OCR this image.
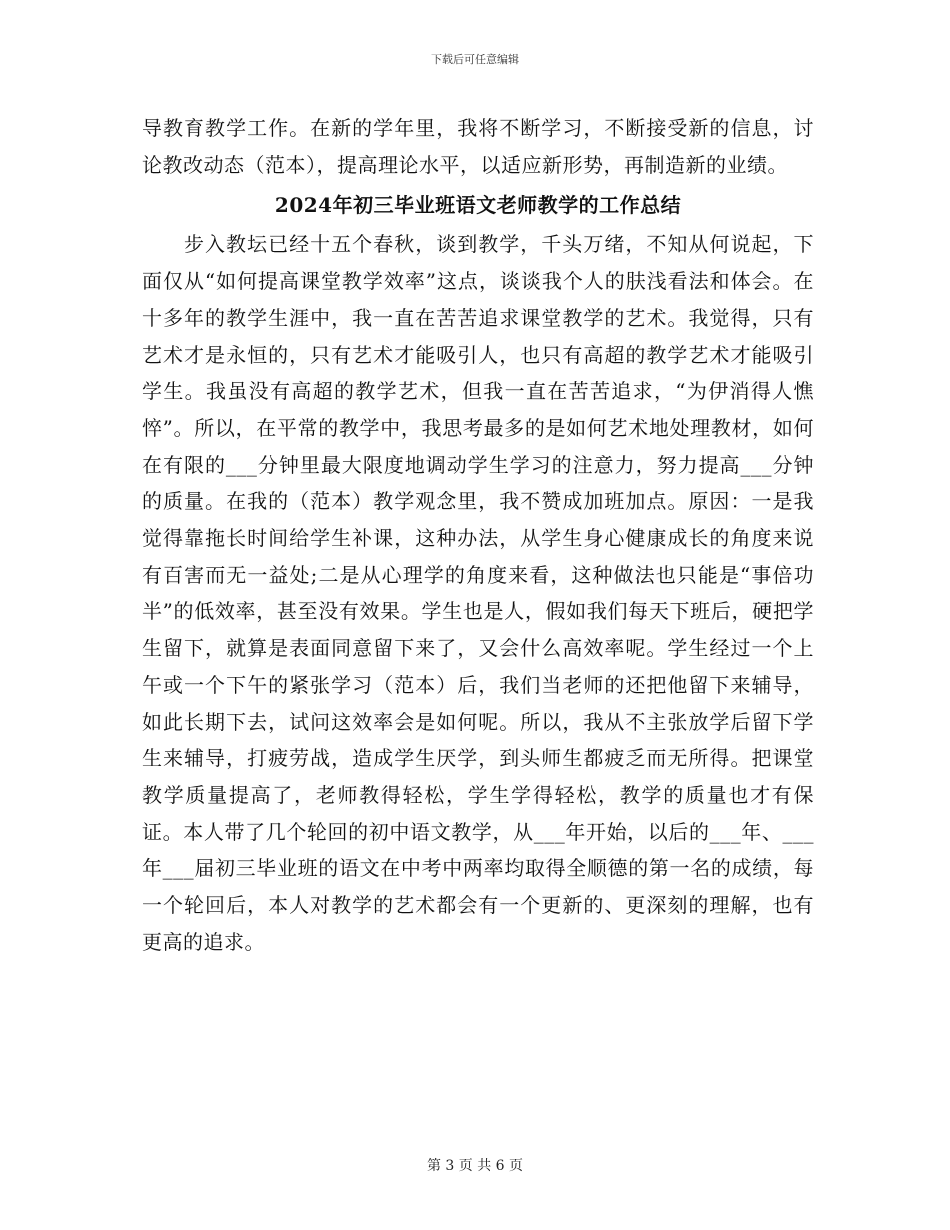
下载后可任意编辑

导教育教学工作。在新的学年里，我将不断学习，不断接受新的信息，讨论教改动态（范本），提高理论水平，以适应新形势，再制造新的业绩。

2024年初三毕业班语文老师教学的工作总结

步入教坛已经十五个春秋，谈到教学，千头万绪，不知从何说起，下面仅从“如何提高课堂教学效率”这点，谈谈我个人的肤浅看法和体会。在十多年的教学生涯中，我一直在苦苦追求课堂教学的艺术。我觉得，只有艺术才是永恒的，只有艺术才能吸引人，也只有高超的教学艺术才能吸引学生。我虽没有高超的教学艺术，但我一直在苦苦追求，“为伊消得人憔悴”。所以，在平常的教学中，我思考最多的是如何艺术地处理教材，如何在有限的___分钟里最大限度地调动学生学习的注意力，努力提高___分钟的质量。在我的（范本）教学观念里，我不赞成加班加点。原因：一是我觉得靠拖长时间给学生补课，这种办法，从学生身心健康成长的角度来说有百害而无一益处;二是从心理学的角度来看，这种做法也只能是“事倍功半”的低效率，甚至没有效果。学生也是人，假如我们每天下班后，硬把学生留下，就算是表面同意留下来了，又会什么高效率呢。学生经过一个上午或一个下午的紧张学习（范本）后，我们当老师的还把他留下来辅导，如此长期下去，试问这效率会是如何呢。所以，我从不主张放学后留下学生来辅导，打疲劳战，造成学生厌学，到头师生都疲乏而无所得。把课堂教学质量提高了，老师教得轻松，学生学得轻松，教学的质量也才有保证。本人带了几个轮回的初中语文教学，从___年开始，以后的___年、___年___届初三毕业班的语文在中考中两率均取得全顺德的第一名的成绩，每一个轮回后，本人对教学的艺术都会有一个更新的、更深刻的理解，也有更高的追求。

第 3 页 共 6 页
